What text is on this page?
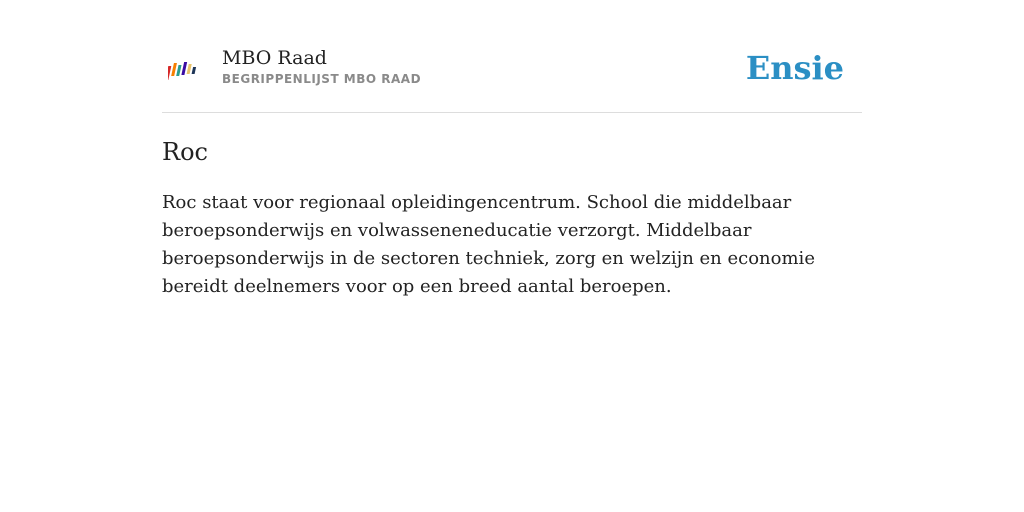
MBO Raad
BEGRIPPENLIJST MBO RAAD	Ensie
Roc

Roc staat voor regionaal opleidingencentrum. School die middelbaar beroepsonderwijs en volwasseneneducatie verzorgt. Middelbaar beroepsonderwijs in de sectoren techniek, zorg en welzijn en economie bereidt deelnemers voor op een breed aantal beroepen.
